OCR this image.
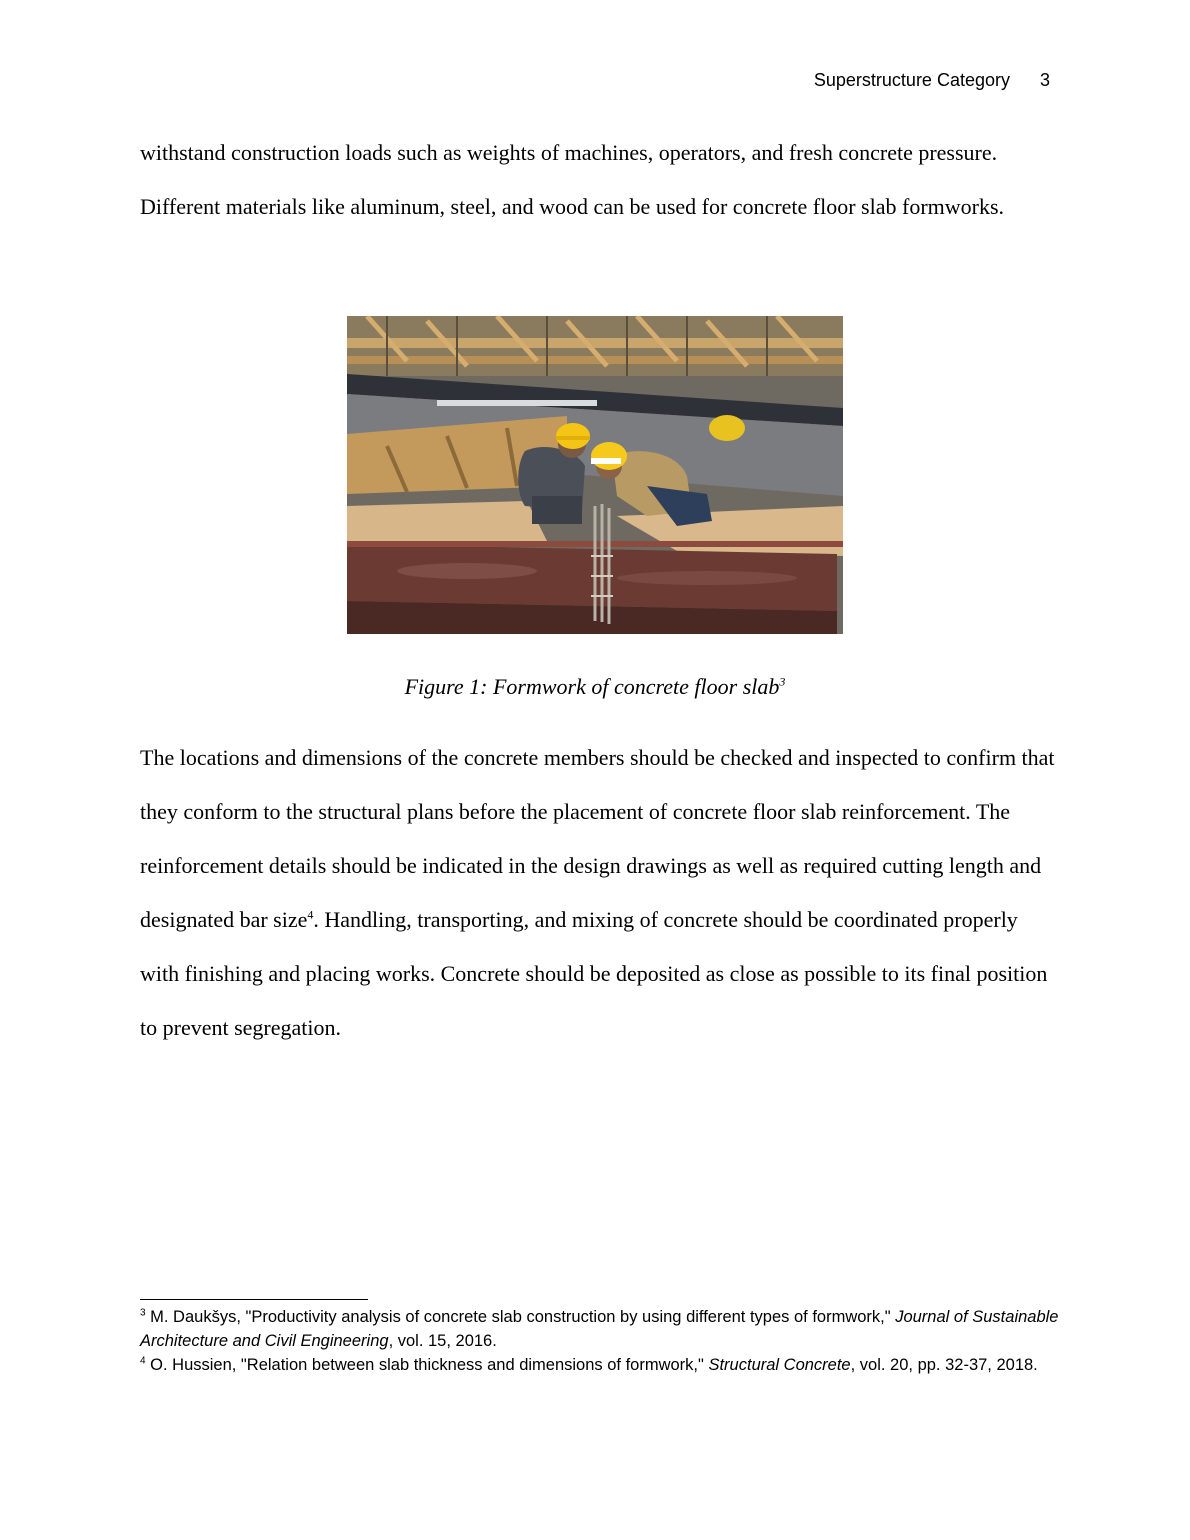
Superstructure Category 3
withstand construction loads such as weights of machines, operators, and fresh concrete pressure. Different materials like aluminum, steel, and wood can be used for concrete floor slab formworks.
Figure 1: Formwork of concrete floor slab$^3$
The locations and dimensions of the concrete members should be checked and inspected to confirm that they conform to the structural plans before the placement of concrete floor slab reinforcement. The reinforcement details should be indicated in the design drawings as well as required cutting length and designated bar size$^4$. Handling, transporting, and mixing of concrete should be coordinated properly with finishing and placing works. Concrete should be deposited as close as possible to its final position to prevent segregation.
$^3$ M. Daukšys, "Productivity analysis of concrete slab construction by using different types of formwork," Journal of Sustainable Architecture and Civil Engineering, vol. 15, 2016.
$^4$ O. Hussien, "Relation between slab thickness and dimensions of formwork," Structural Concrete, vol. 20, pp. 32-37, 2018.
